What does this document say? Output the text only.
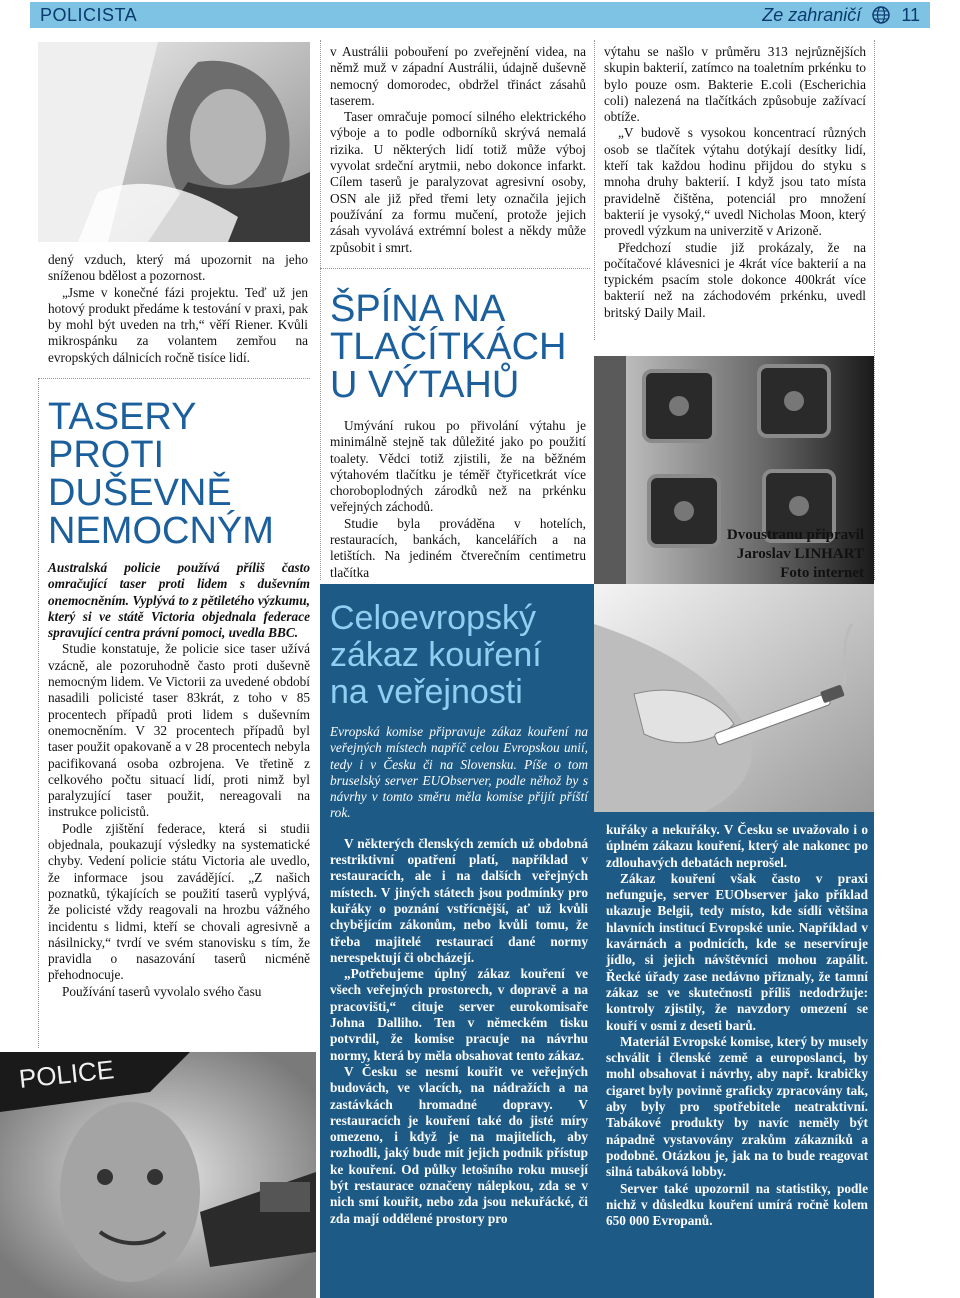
POLICISTA	Ze zahraničí 11

dený vzduch, který má upozornit na jeho sníženou bdělost a pozornost.

„Jsme v konečné fázi projektu. Teď už jen hotový produkt předáme k testování v praxi, pak by mohl být uveden na trh,“ věří Riener. Kvůli mikrospánku za volantem zemřou na evropských dálnicích ročně tisíce lidí.

TASERY
PROTI
DUŠEVNĚ
NEMOCNÝM

Australská policie používá příliš často omračující taser proti lidem s duševním onemocněním. Vyplývá to z pětiletého výzkumu, který si ve státě Victoria objednala federace spravující centra právní pomoci, uvedla BBC.

Studie konstatuje, že policie sice taser užívá vzácně, ale pozoruhodně často proti duševně nemocným lidem. Ve Victorii za uvedené období nasadili policisté taser 83krát, z toho v 85 procentech případů proti lidem s duševním onemocněním. V 32 procentech případů byl taser použit opakovaně a v 28 procentech nebyla pacifikovaná osoba ozbrojena. Ve třetině z celkového počtu situací lidí, proti nimž byl paralyzující taser použit, nereagovali na instrukce policistů.

Podle zjištění federace, která si studii objednala, poukazují výsledky na systematické chyby. Vedení policie státu Victoria ale uvedlo, že informace jsou zavádějící. „Z našich poznatků, týkajících se použití taserů vyplývá, že policisté vždy reagovali na hrozbu vážného incidentu s lidmi, kteří se chovali agresivně a násilnicky,“ tvrdí ve svém stanovisku s tím, že pravidla o nasazování taserů nicméně přehodnocuje.

Používání taserů vyvolalo svého času

POLICE

v Austrálii pobouření po zveřejnění videa, na němž muž v západní Austrálii, údajně duševně nemocný domorodec, obdržel třináct zásahů taserem.

Taser omračuje pomocí silného elektrického výboje a to podle odborníků skrývá nemalá rizika. U některých lidí totiž může výboj vyvolat srdeční arytmii, nebo dokonce infarkt. Cílem taserů je paralyzovat agresivní osoby, OSN ale již před třemi lety označila jejich používání za formu mučení, protože jejich zásah vyvolává extrémní bolest a někdy může způsobit i smrt.

ŠPÍNA NA
TLAČÍTKÁCH
U VÝTAHŮ

Umývání rukou po přivolání výtahu je minimálně stejně tak důležité jako po použití toalety. Vědci totiž zjistili, že na běžném výtahovém tlačítku je téměř čtyřicetkrát více choroboplodných zárodků než na prkénku veřejných záchodů.

Studie byla prováděna v hotelích, restauracích, bankách, kancelářích a na letištích. Na jediném čtverečním centimetru tlačítka

výtahu se našlo v průměru 313 nejrůznějších skupin bakterií, zatímco na toaletním prkénku to bylo pouze osm. Bakterie E.coli (Escherichia coli) nalezená na tlačítkách způsobuje zažívací obtíže.

„V budově s vysokou koncentrací různých osob se tlačítek výtahu dotýkají desítky lidí, kteří tak každou hodinu přijdou do styku s mnoha druhy bakterií. I když jsou tato místa pravidelně čištěna, potenciál pro množení bakterií je vysoký,“ uvedl Nicholas Moon, který provedl výzkum na univerzitě v Arizoně.

Předchozí studie již prokázaly, že na počítačové klávesnici je 4krát více bakterií a na typickém psacím stole dokonce 400krát více bakterií než na záchodovém prkénku, uvedl britský Daily Mail.

Dvoustranu připravil
Jaroslav LINHART
Foto internet
Celoevropský
zákaz kouření
na veřejnosti

Evropská komise připravuje zákaz kouření na veřejných místech napříč celou Evropskou unií, tedy i v Česku či na Slovensku. Píše o tom bruselský server EUObserver, podle něhož by s návrhy v tomto směru měla komise přijít příští rok.

V některých členských zemích už obdobná restriktivní opatření platí, například v restauracích, ale i na dalších veřejných místech. V jiných státech jsou podmínky pro kuřáky o poznání vstřícnější, ať už kvůli chybějícím zákonům, nebo kvůli tomu, že třeba majitelé restaurací dané normy nerespektují či obcházejí.

„Potřebujeme úplný zákaz kouření ve všech veřejných prostorech, v dopravě a na pracovišti,“ cituje server eurokomisaře Johna Dalliho. Ten v německém tisku potvrdil, že komise pracuje na návrhu normy, která by měla obsahovat tento zákaz.

V Česku se nesmí kouřit ve veřejných budovách, ve vlacích, na nádražích a na zastávkách hromadné dopravy. V restauracích je kouření také do jisté míry omezeno, i když je na majitelích, aby rozhodli, jaký bude mít jejich podnik přístup ke kouření. Od půlky letošního roku musejí být restaurace označeny nálepkou, zda se v nich smí kouřit, nebo zda jsou nekuřácké, či zda mají oddělené prostory pro

kuřáky a nekuřáky. V Česku se uvažovalo i o úplném zákazu kouření, který ale nakonec po zdlouhavých debatách neprošel.

Zákaz kouření však často v praxi nefunguje, server EUObserver jako příklad ukazuje Belgii, tedy místo, kde sídlí většina hlavních institucí Evropské unie. Například v kavárnách a podnicích, kde se neservíruje jídlo, si jejich návštěvníci mohou zapálit. Řecké úřady zase nedávno přiznaly, že tamní zákaz se ve skutečnosti příliš nedodržuje: kontroly zjistily, že navzdory omezení se kouří v osmi z deseti barů.

Materiál Evropské komise, který by musely schválit i členské země a europoslanci, by mohl obsahovat i návrhy, aby např. krabičky cigaret byly povinně graficky zpracovány tak, aby byly pro spotřebitele neatraktivní. Tabákové produkty by navíc neměly být nápadně vystavovány zrakům zákazníků a podobně. Otázkou je, jak na to bude reagovat silná tabáková lobby.

Server také upozornil na statistiky, podle nichž v důsledku kouření umírá ročně kolem 650 000 Evropanů.
